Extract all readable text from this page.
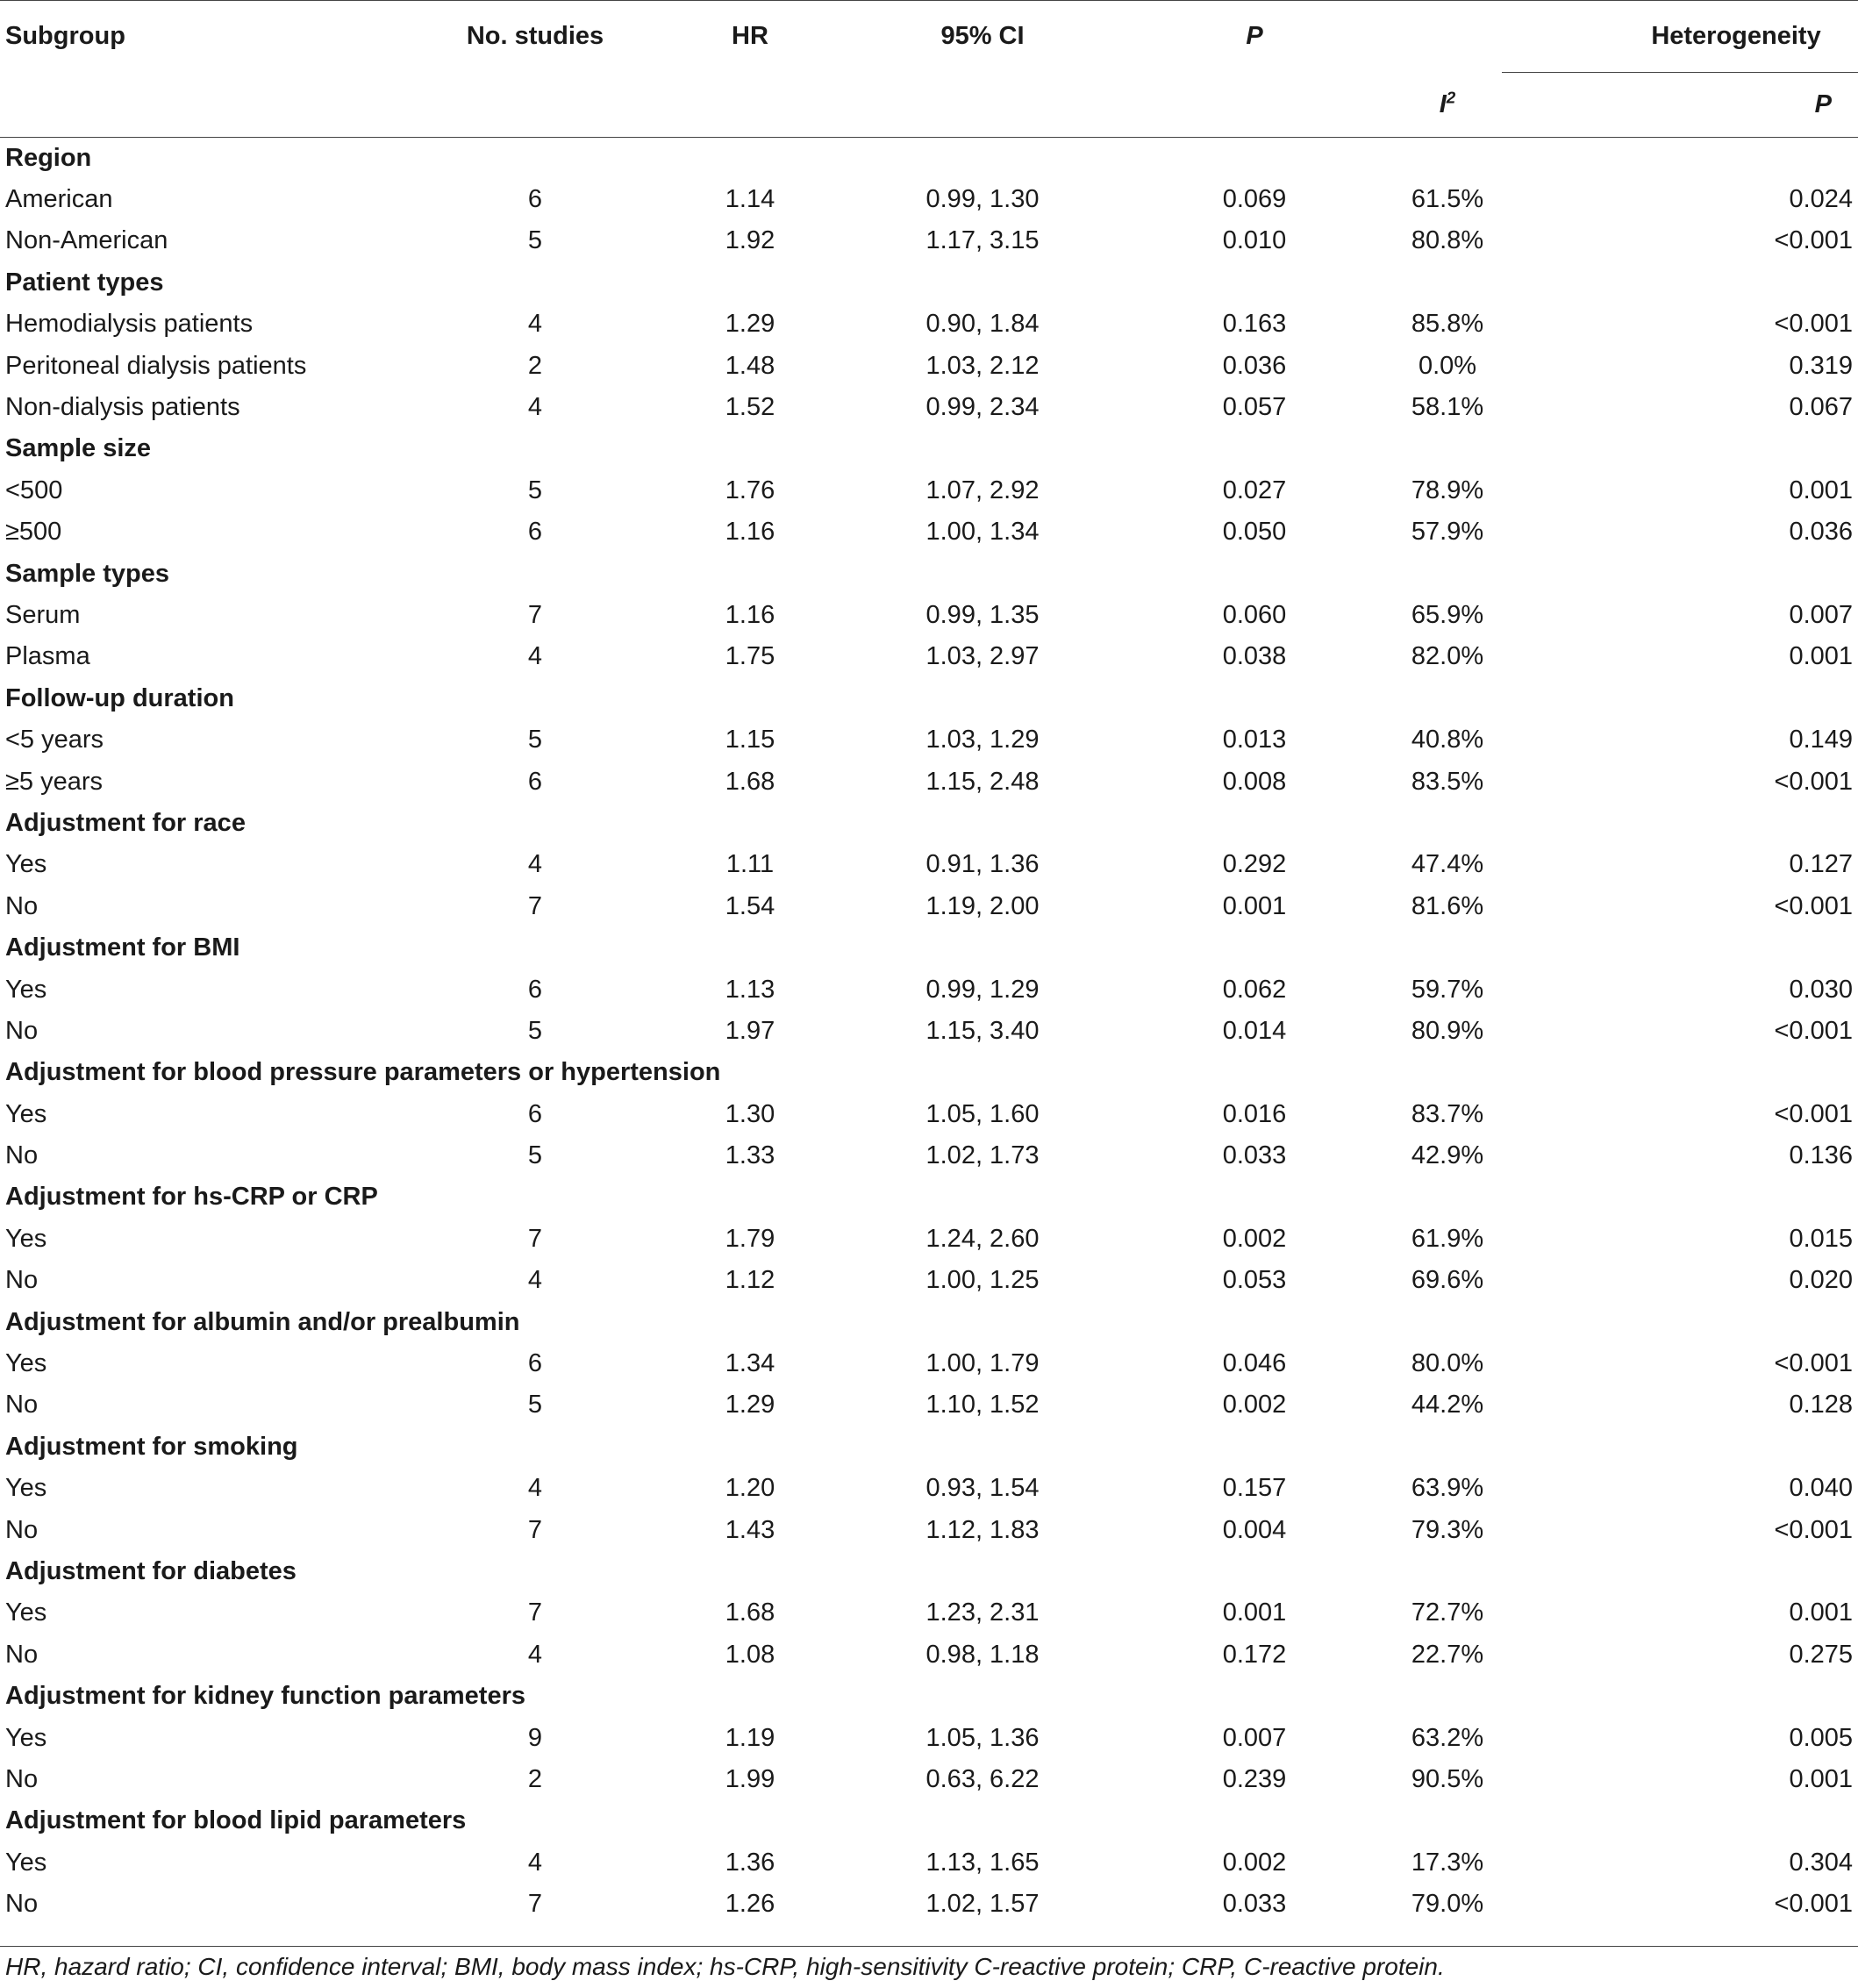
Subgroup	No. studies	HR	95% CI	P	Heterogeneity	
					$I^2$	P
Region						
American	6	1.14	0.99, 1.30	0.069	61.5%	0.024
Non-American	5	1.92	1.17, 3.15	0.010	80.8%	<0.001
Patient types						
Hemodialysis patients	4	1.29	0.90, 1.84	0.163	85.8%	<0.001
Peritoneal dialysis patients	2	1.48	1.03, 2.12	0.036	0.0%	0.319
Non-dialysis patients	4	1.52	0.99, 2.34	0.057	58.1%	0.067
Sample size						
<500	5	1.76	1.07, 2.92	0.027	78.9%	0.001
≥500	6	1.16	1.00, 1.34	0.050	57.9%	0.036
Sample types						
Serum	7	1.16	0.99, 1.35	0.060	65.9%	0.007
Plasma	4	1.75	1.03, 2.97	0.038	82.0%	0.001
Follow-up duration						
<5 years	5	1.15	1.03, 1.29	0.013	40.8%	0.149
≥5 years	6	1.68	1.15, 2.48	0.008	83.5%	<0.001
Adjustment for race						
Yes	4	1.11	0.91, 1.36	0.292	47.4%	0.127
No	7	1.54	1.19, 2.00	0.001	81.6%	<0.001
Adjustment for BMI						
Yes	6	1.13	0.99, 1.29	0.062	59.7%	0.030
No	5	1.97	1.15, 3.40	0.014	80.9%	<0.001
Adjustment for blood pressure parameters or hypertension						
Yes	6	1.30	1.05, 1.60	0.016	83.7%	<0.001
No	5	1.33	1.02, 1.73	0.033	42.9%	0.136
Adjustment for hs-CRP or CRP						
Yes	7	1.79	1.24, 2.60	0.002	61.9%	0.015
No	4	1.12	1.00, 1.25	0.053	69.6%	0.020
Adjustment for albumin and/or prealbumin						
Yes	6	1.34	1.00, 1.79	0.046	80.0%	<0.001
No	5	1.29	1.10, 1.52	0.002	44.2%	0.128
Adjustment for smoking						
Yes	4	1.20	0.93, 1.54	0.157	63.9%	0.040
No	7	1.43	1.12, 1.83	0.004	79.3%	<0.001
Adjustment for diabetes						
Yes	7	1.68	1.23, 2.31	0.001	72.7%	0.001
No	4	1.08	0.98, 1.18	0.172	22.7%	0.275
Adjustment for kidney function parameters						
Yes	9	1.19	1.05, 1.36	0.007	63.2%	0.005
No	2	1.99	0.63, 6.22	0.239	90.5%	0.001
Adjustment for blood lipid parameters						
Yes	4	1.36	1.13, 1.65	0.002	17.3%	0.304
No	7	1.26	1.02, 1.57	0.033	79.0%	<0.001
HR, hazard ratio; CI, confidence interval; BMI, body mass index; hs-CRP, high-sensitivity C-reactive protein; CRP, C-reactive protein.
